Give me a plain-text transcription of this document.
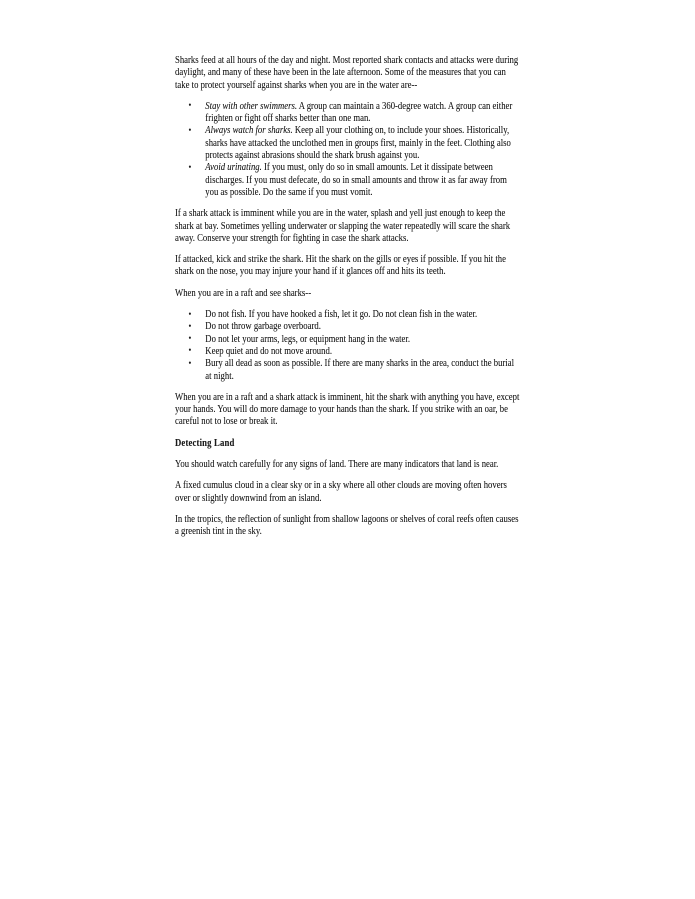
Sharks feed at all hours of the day and night. Most reported shark contacts and attacks were during daylight, and many of these have been in the late afternoon. Some of the measures that you can take to protect yourself against sharks when you are in the water are--

• Stay with other swimmers. A group can maintain a 360-degree watch. A group can either frighten or fight off sharks better than one man.
• Always watch for sharks. Keep all your clothing on, to include your shoes. Historically, sharks have attacked the unclothed men in groups first, mainly in the feet. Clothing also protects against abrasions should the shark brush against you.
• Avoid urinating. If you must, only do so in small amounts. Let it dissipate between discharges. If you must defecate, do so in small amounts and throw it as far away from you as possible. Do the same if you must vomit.

If a shark attack is imminent while you are in the water, splash and yell just enough to keep the shark at bay. Sometimes yelling underwater or slapping the water repeatedly will scare the shark away. Conserve your strength for fighting in case the shark attacks.

If attacked, kick and strike the shark. Hit the shark on the gills or eyes if possible. If you hit the shark on the nose, you may injure your hand if it glances off and hits its teeth.

When you are in a raft and see sharks--

• Do not fish. If you have hooked a fish, let it go. Do not clean fish in the water.
• Do not throw garbage overboard.
• Do not let your arms, legs, or equipment hang in the water.
• Keep quiet and do not move around.
• Bury all dead as soon as possible. If there are many sharks in the area, conduct the burial at night.

When you are in a raft and a shark attack is imminent, hit the shark with anything you have, except your hands. You will do more damage to your hands than the shark. If you strike with an oar, be careful not to lose or break it.

Detecting Land

You should watch carefully for any signs of land. There are many indicators that land is near.

A fixed cumulus cloud in a clear sky or in a sky where all other clouds are moving often hovers over or slightly downwind from an island.

In the tropics, the reflection of sunlight from shallow lagoons or shelves of coral reefs often causes a greenish tint in the sky.
